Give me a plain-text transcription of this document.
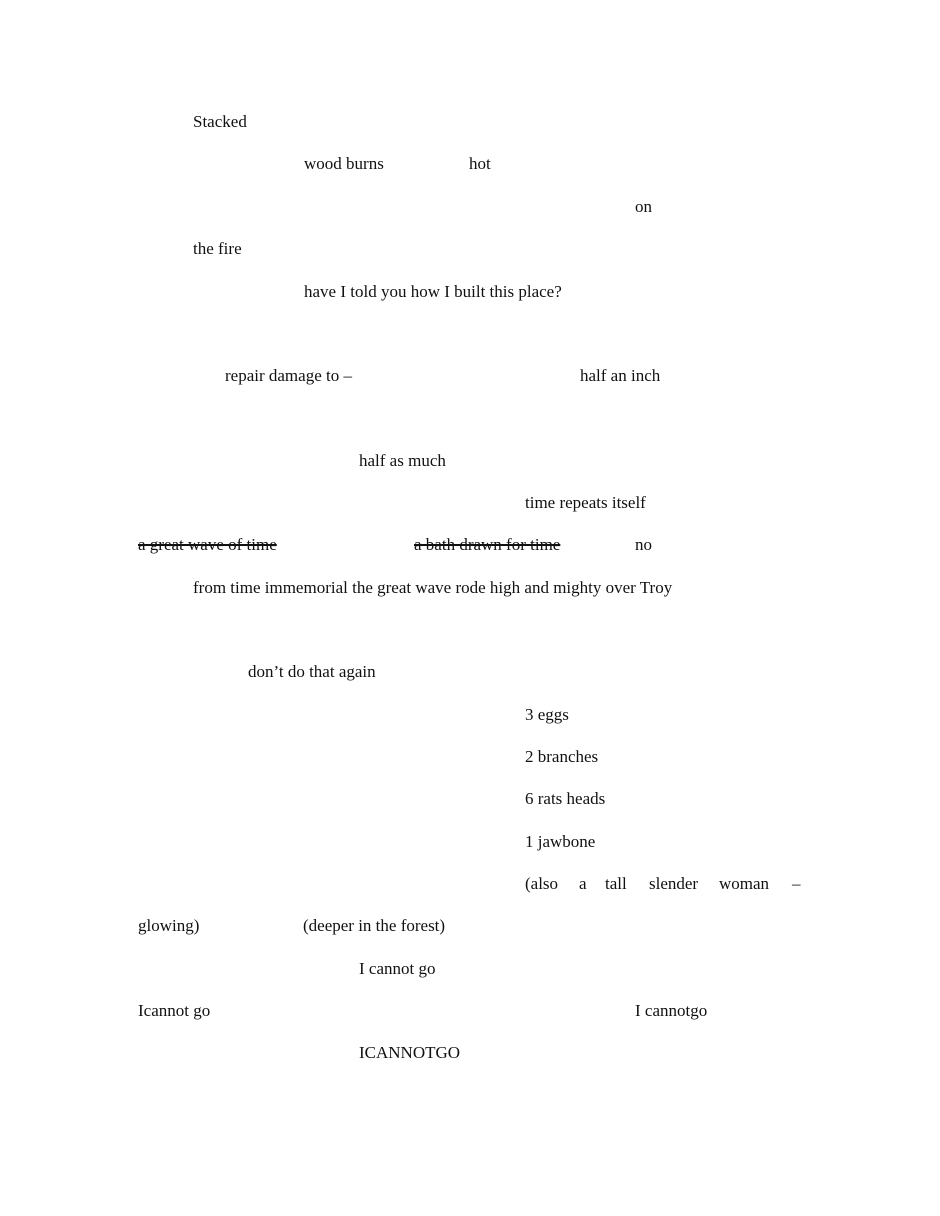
Stacked
wood burns	hot
on
the fire
have I told you how I built this place?
repair damage to –	half an inch
half as much
time repeats itself
a great wave of time	a bath drawn for time	no
from time immemorial the great wave rode high and mighty over Troy
don’t do that again
3 eggs
2 branches
6 rats heads
1 jawbone
(also a tall slender woman –
glowing)	(deeper in the forest)
I cannot go
Icannot go	I cannotgo
ICANNOTGO
